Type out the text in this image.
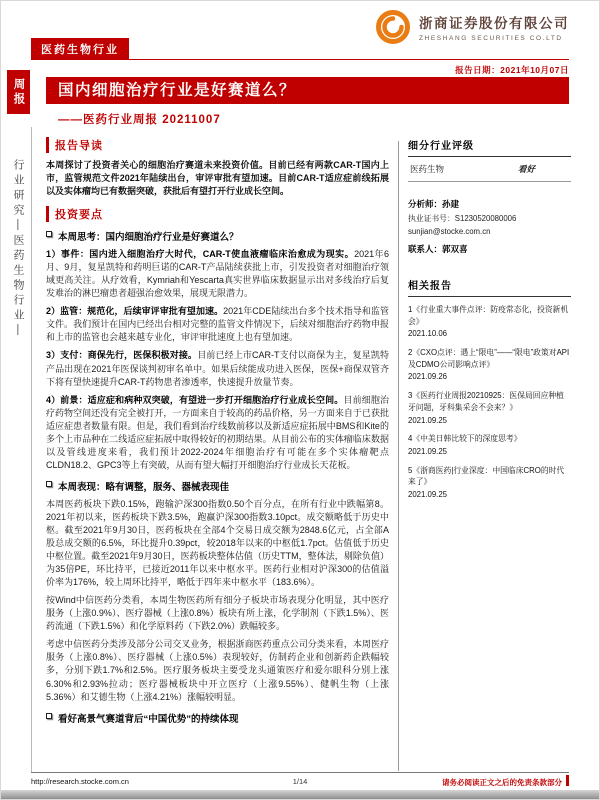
浙商证券股份有限公司
ZHESHANG SECURITIES CO.LTD
医药生物行业
报告日期：2021年10月07日
国内细胞治疗行业是好赛道么？
——医药行业周报 20211007
周报
行业研究—医药生物行业—
报告导读

本周探讨了投资者关心的细胞治疗赛道未来投资价值。目前已经有两款CAR-T国内上市，监管规范文件2021年陆续出台，审评审批有望加速。目前CAR-T适应症前线拓展以及实体瘤均已有数据突破，获批后有望打开行业成长空间。

投资要点
本周思考：国内细胞治疗行业是好赛道么？

1）事件：国内进入细胞治疗大时代，CAR-T使血液瘤临床治愈成为现实。2021年6月、9月，复星凯特和药明巨诺的CAR-T产品陆续获批上市，引发投资者对细胞治疗领域更高关注。从疗效看，Kymriah和Yescarta真实世界临床数据显示出对多线治疗后复发难治的淋巴瘤患者超强治愈效果，展现无限潜力。

2）监管：规范化，后续审评审批有望加速。2021年CDE陆续出台多个技术指导和监管文件。我们预计在国内已经出台相对完整的监管文件情况下，后续对细胞治疗药物申报和上市的监管也会越来越专业化，审评审批速度上也有望加速。

3）支付：商保先行，医保积极对接。目前已经上市CAR-T支付以商保为主，复星凯特产品出现在2021年医保谈判初审名单中。如果后续能成功进入医保，医保+商保双管齐下将有望快速提升CAR-T药物患者渗透率，快速提升放量节奏。

4）前景：适应症和病种双突破，有望进一步打开细胞治疗行业成长空间。目前细胞治疗药物空间还没有完全被打开，一方面来自于较高的药品价格，另一方面来自于已获批适应症患者数量有限。但是，我们看到治疗线数前移以及新适应症拓展中BMS和Kite的多个上市品种在二线适应症拓展中取得较好的初期结果。从目前公布的实体瘤临床数据以及管线进度来看，我们预计2022-2024年细胞治疗有可能在多个实体瘤靶点CLDN18.2、GPC3等上有突破，从而有望大幅打开细胞治疗行业成长天花板。

本周表现：略有调整，服务、器械表现佳

本周医药板块下跌0.15%，跑输沪深300指数0.50个百分点，在所有行业中跌幅第8。2021年初以来，医药板块下跌3.5%，跑赢沪深300指数3.10pct。成交额略低于历史中枢。截至2021年9月30日，医药板块在全部4个交易日成交额为2848.6亿元，占全部A股总成交额的6.5%，环比提升0.39pct，较2018年以来的中枢低1.7pct。估值低于历史中枢位置。截至2021年9月30日，医药板块整体估值（历史TTM，整体法，剔除负值）为35倍PE，环比持平，已接近2011年以来中枢水平。医药行业相对沪深300的估值溢价率为176%，较上周环比持平，略低于四年来中枢水平（183.6%）。

按Wind中信医药分类看，本周生物医药所有细分子板块市场表现分化明显，其中医疗服务（上涨0.9%）、医疗器械（上涨0.8%）板块有所上涨，化学制剂（下跌1.5%）、医药流通（下跌1.5%）和化学原料药（下跌2.0%）跌幅较多。

考虑中信医药分类涉及部分公司交叉业务，根据浙商医药重点公司分类来看，本周医疗服务（上涨0.8%）、医疗器械（上涨0.5%）表现较好，仿制药企业和创新药企跌幅较多，分别下跌1.7%和2.5%。医疗服务板块主要受龙头通策医疗和爱尔眼科分别上涨6.30%和2.93%拉动；医疗器械板块中开立医疗（上涨9.55%）、健帆生物（上涨5.36%）和艾德生物（上涨4.21%）涨幅较明显。

看好高景气赛道背后“中国优势”的持续体现
细分行业评级
医药生物	看好
分析师：孙建
执业证书号：S1230520080006
sunjian@stocke.com.cn
联系人：郭双喜
相关报告
1《行业重大事件点评：防疫常态化，投资新机会》
2021.10.06
2《CXO点评：遇上“限电”——“限电”政策对API及CDMO公司影响点评》
2021.09.26
3《医药行业周报20210925：医保局回应种植牙问题，牙科集采会不会来？》
2021.09.25
4《中美日韩比较下的深度思考》
2021.09.25
5《浙商医药|行业深度：中国临床CRO的时代来了》
2021.09.25
http://research.stocke.com.cn	1/14	请务必阅读正文之后的免责条款部分
